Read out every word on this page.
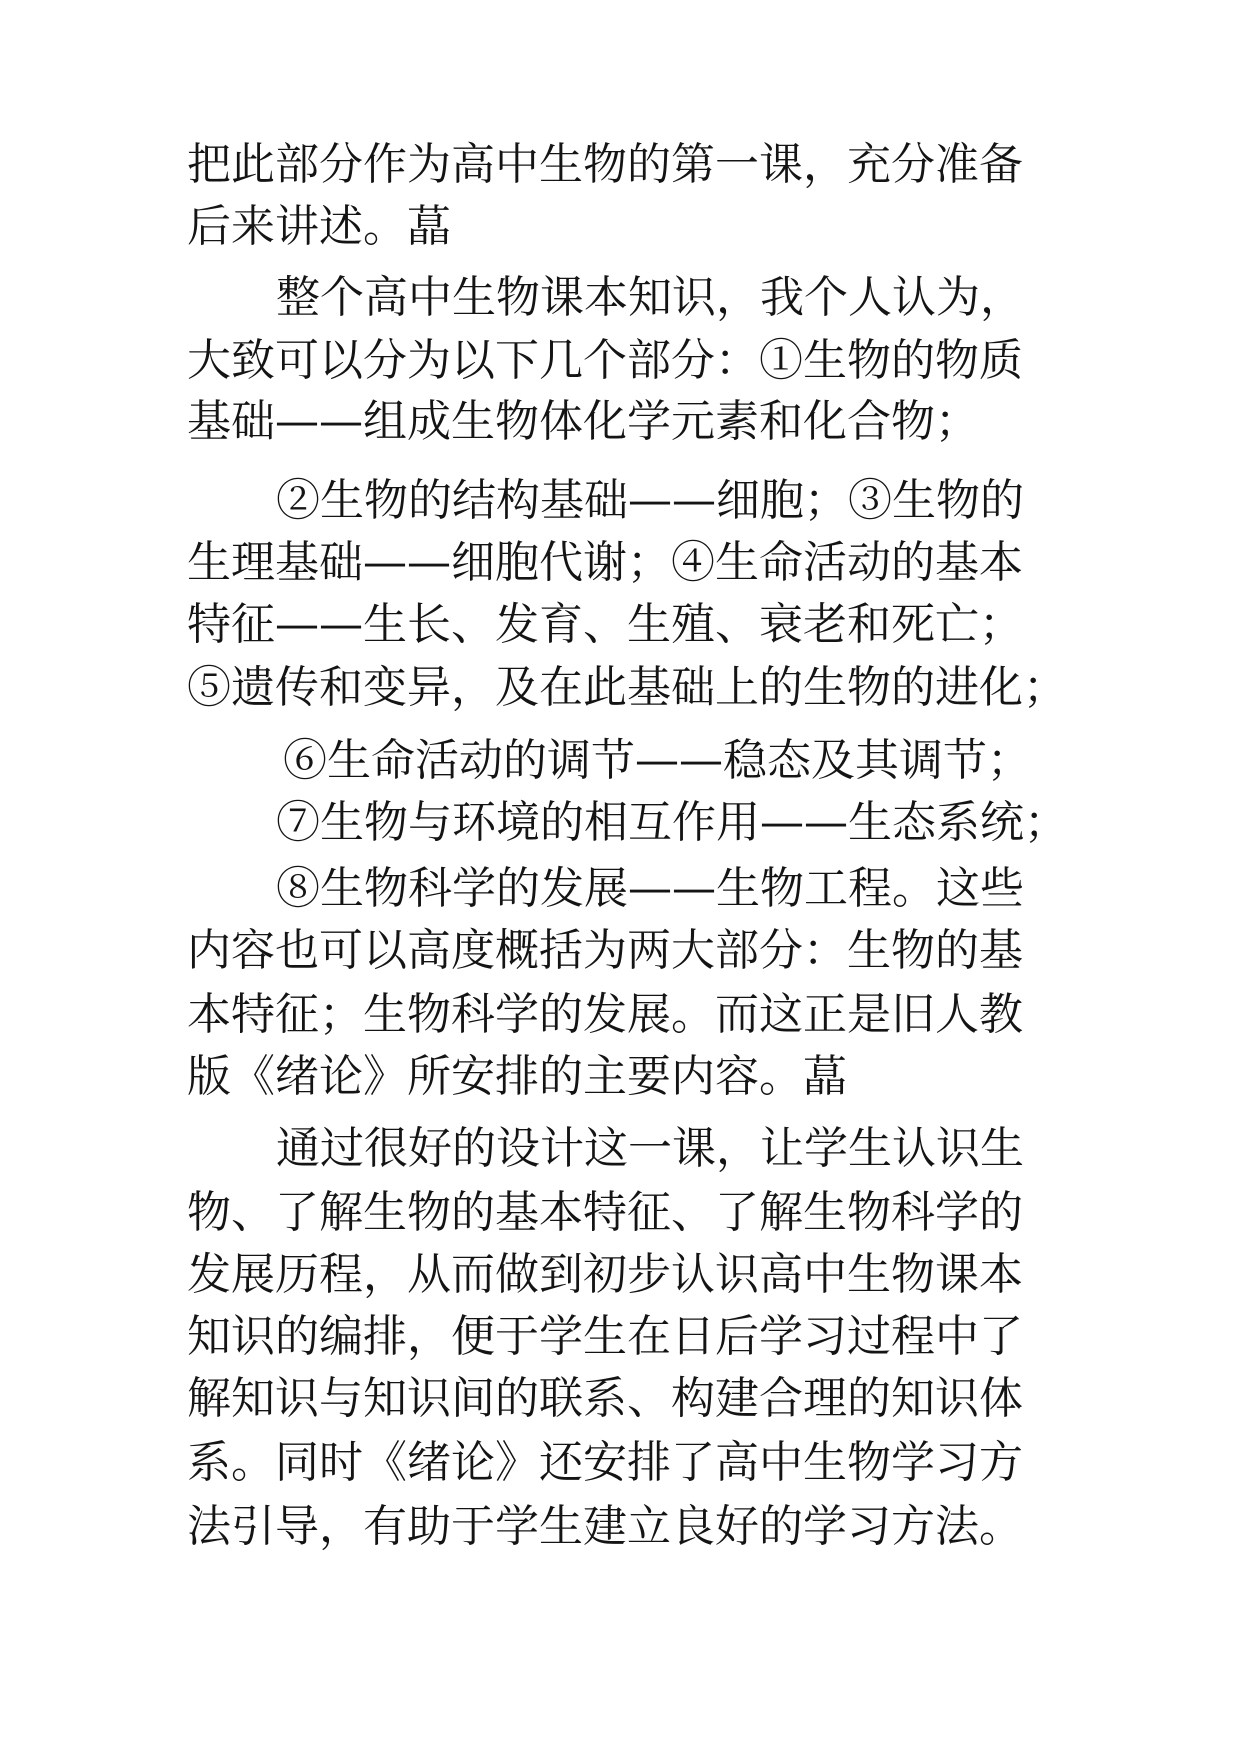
把此部分作为高中生物的第一课，充分准备
后来讲述。蕌
整个高中生物课本知识，我个人认为，
大致可以分为以下几个部分：①生物的物质
基础——组成生物体化学元素和化合物；
②生物的结构基础——细胞；③生物的
生理基础——细胞代谢；④生命活动的基本
特征——生长、发育、生殖、衰老和死亡；
⑤遗传和变异，及在此基础上的生物的进化；
⑥生命活动的调节——稳态及其调节；
⑦生物与环境的相互作用——生态系统；
⑧生物科学的发展——生物工程。这些
内容也可以高度概括为两大部分：生物的基
本特征；生物科学的发展。而这正是旧人教
版《绪论》所安排的主要内容。蕌
通过很好的设计这一课，让学生认识生
物、了解生物的基本特征、了解生物科学的
发展历程，从而做到初步认识高中生物课本
知识的编排，便于学生在日后学习过程中了
解知识与知识间的联系、构建合理的知识体
系。同时《绪论》还安排了高中生物学习方
法引导，有助于学生建立良好的学习方法。
